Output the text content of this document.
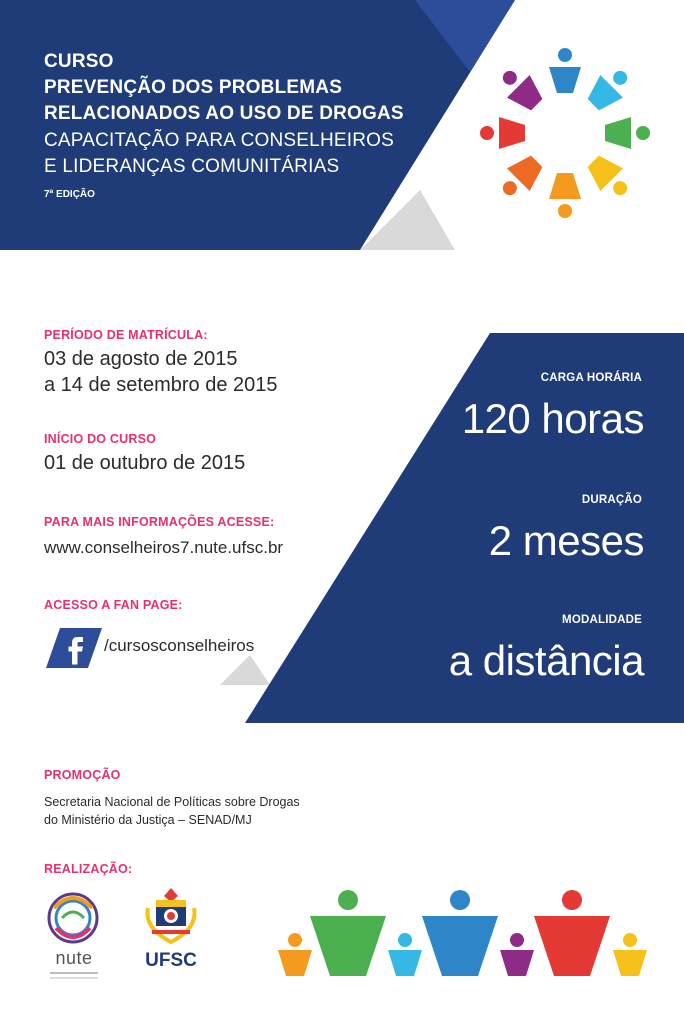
CURSO
PREVENÇÃO DOS PROBLEMAS
RELACIONADOS AO USO DE DROGAS
CAPACITAÇÃO PARA CONSELHEIROS
E LIDERANÇAS COMUNITÁRIAS
7ª EDIÇÃO
CARGA HORÁRIA
120 horas
DURAÇÃO
2 meses
MODALIDADE
a distância
PERÍODO DE MATRÍCULA:
03 de agosto de 2015
a 14 de setembro de 2015
INÍCIO DO CURSO
01 de outubro de 2015
PARA MAIS INFORMAÇÕES ACESSE:
www.conselheiros7.nute.ufsc.br
ACESSO A FAN PAGE:
/cursosconselheiros
PROMOÇÃO
Secretaria Nacional de Políticas sobre Drogas
do Ministério da Justiça – SENAD/MJ
REALIZAÇÃO:
nute	UFSC
